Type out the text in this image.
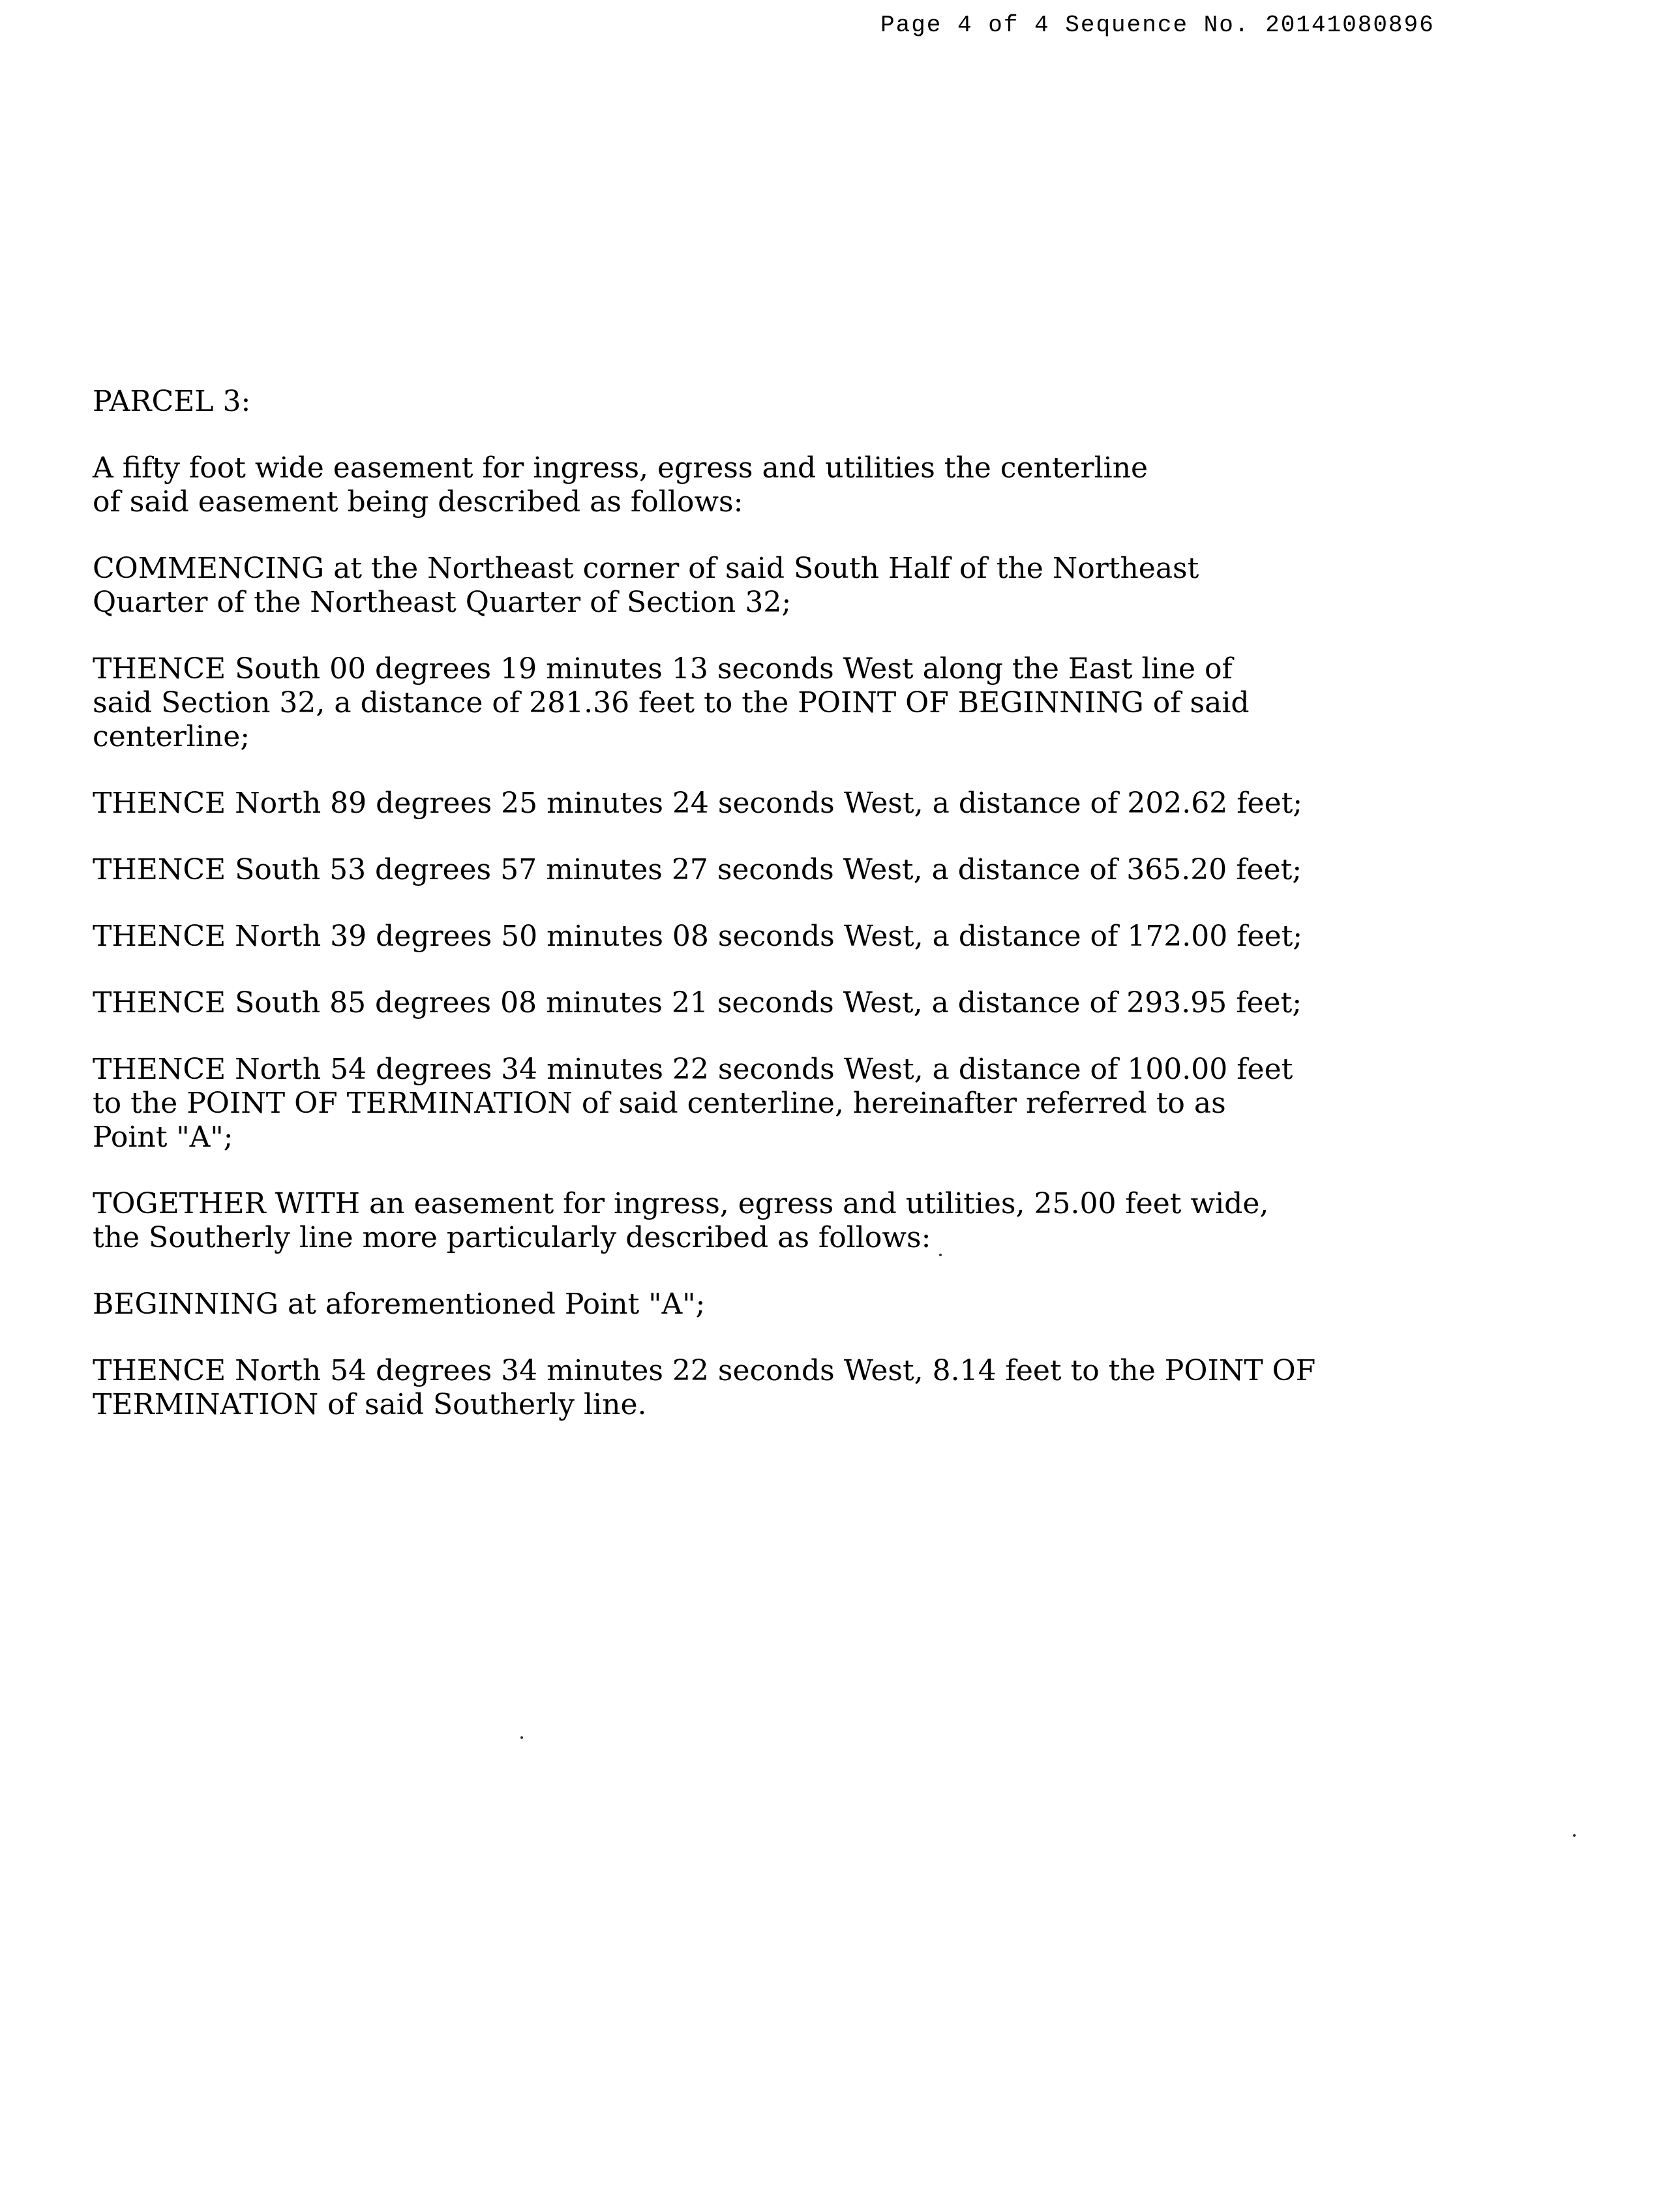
Page 4 of 4 Sequence No. 20141080896
PARCEL 3:
A fifty foot wide easement for ingress, egress and utilities the centerline
of said easement being described as follows:
COMMENCING at the Northeast corner of said South Half of the Northeast
Quarter of the Northeast Quarter of Section 32;
THENCE South 00 degrees 19 minutes 13 seconds West along the East line of
said Section 32, a distance of 281.36 feet to the POINT OF BEGINNING of said
centerline;
THENCE North 89 degrees 25 minutes 24 seconds West, a distance of 202.62 feet;
THENCE South 53 degrees 57 minutes 27 seconds West, a distance of 365.20 feet;
THENCE North 39 degrees 50 minutes 08 seconds West, a distance of 172.00 feet;
THENCE South 85 degrees 08 minutes 21 seconds West, a distance of 293.95 feet;
THENCE North 54 degrees 34 minutes 22 seconds West, a distance of 100.00 feet
to the POINT OF TERMINATION of said centerline, hereinafter referred to as
Point "A";
TOGETHER WITH an easement for ingress, egress and utilities, 25.00 feet wide,
the Southerly line more particularly described as follows:
BEGINNING at aforementioned Point "A";
THENCE North 54 degrees 34 minutes 22 seconds West, 8.14 feet to the POINT OF
TERMINATION of said Southerly line.
